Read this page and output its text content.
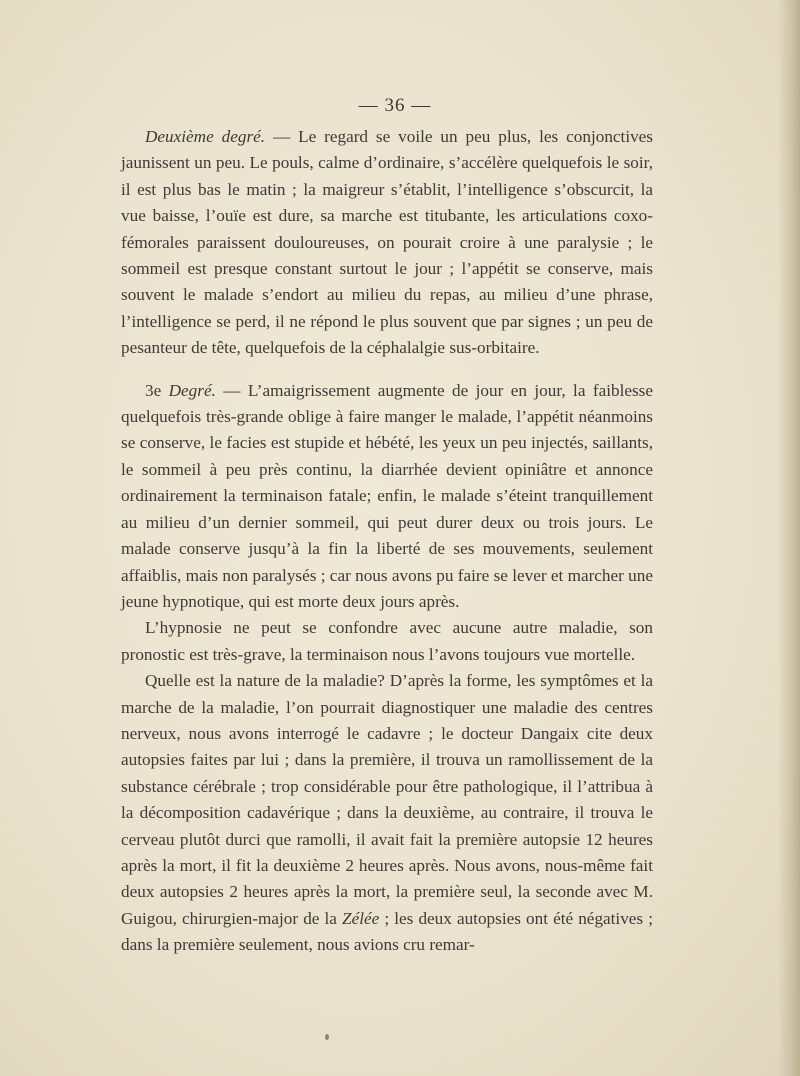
— 36 —

Deuxième degré. — Le regard se voile un peu plus, les conjonctives jaunissent un peu. Le pouls, calme d’ordinaire, s’accélère quelquefois le soir, il est plus bas le matin ; la maigreur s’établit, l’intelligence s’obscurcit, la vue baisse, l’ouïe est dure, sa marche est titubante, les articulations coxo-fémorales paraissent douloureuses, on pourait croire à une paralysie ; le sommeil est presque constant surtout le jour ; l’appétit se conserve, mais souvent le malade s’endort au milieu du repas, au milieu d’une phrase, l’intelligence se perd, il ne répond le plus souvent que par signes ; un peu de pesanteur de tête, quelquefois de la céphalalgie sus-orbitaire.

3e Degré. — L’amaigrissement augmente de jour en jour, la faiblesse quelquefois très-grande oblige à faire manger le malade, l’appétit néanmoins se conserve, le facies est stupide et hébété, les yeux un peu injectés, saillants, le sommeil à peu près continu, la diarrhée devient opiniâtre et annonce ordinairement la terminaison fatale; enfin, le malade s’éteint tranquillement au milieu d’un dernier sommeil, qui peut durer deux ou trois jours. Le malade conserve jusqu’à la fin la liberté de ses mouvements, seulement affaiblis, mais non paralysés ; car nous avons pu faire se lever et marcher une jeune hypnotique, qui est morte deux jours après.

L’hypnosie ne peut se confondre avec aucune autre maladie, son pronostic est très-grave, la terminaison nous l’avons toujours vue mortelle.

Quelle est la nature de la maladie? D’après la forme, les symptômes et la marche de la maladie, l’on pourrait diagnostiquer une maladie des centres nerveux, nous avons interrogé le cadavre ; le docteur Dangaix cite deux autopsies faites par lui ; dans la première, il trouva un ramollissement de la substance cérébrale ; trop considérable pour être pathologique, il l’attribua à la décomposition cadavérique ; dans la deuxième, au contraire, il trouva le cerveau plutôt durci que ramolli, il avait fait la première autopsie 12 heures après la mort, il fit la deuxième 2 heures après. Nous avons, nous-même fait deux autopsies 2 heures après la mort, la première seul, la seconde avec M. Guigou, chirurgien-major de la Zélée ; les deux autopsies ont été négatives ; dans la première seulement, nous avions cru remar-
